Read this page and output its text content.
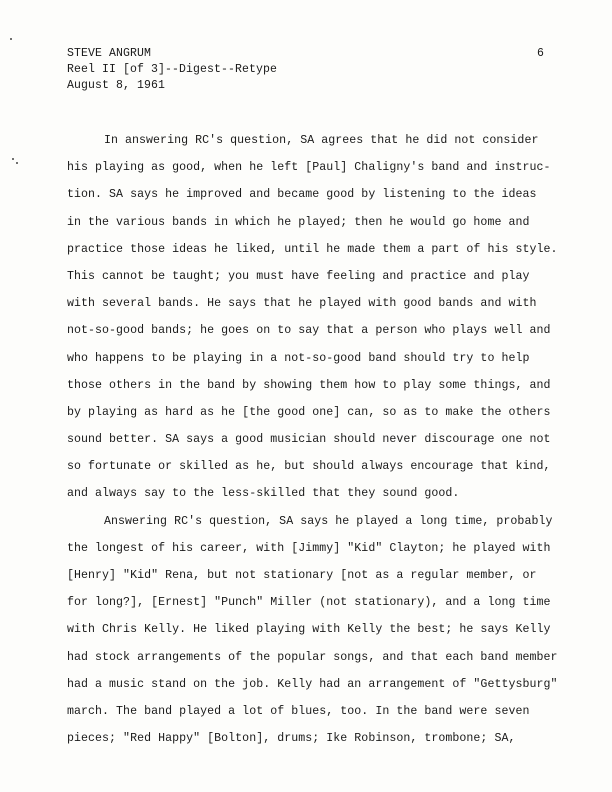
STEVE ANGRUM
Reel II [of 3]--Digest--Retype
August 8, 1961
6
In answering RC's question, SA agrees that he did not consider
his playing as good, when he left [Paul] Chaligny's band and instruc-
tion. SA says he improved and became good by listening to the ideas
in the various bands in which he played; then he would go home and
practice those ideas he liked, until he made them a part of his style.
This cannot be taught; you must have feeling and practice and play
with several bands. He says that he played with good bands and with
not-so-good bands; he goes on to say that a person who plays well and
who happens to be playing in a not-so-good band should try to help
those others in the band by showing them how to play some things, and
by playing as hard as he [the good one] can, so as to make the others
sound better. SA says a good musician should never discourage one not
so fortunate or skilled as he, but should always encourage that kind,
and always say to the less-skilled that they sound good.
Answering RC's question, SA says he played a long time, probably
the longest of his career, with [Jimmy] "Kid" Clayton; he played with
[Henry] "Kid" Rena, but not stationary [not as a regular member, or
for long?], [Ernest] "Punch" Miller (not stationary), and a long time
with Chris Kelly. He liked playing with Kelly the best; he says Kelly
had stock arrangements of the popular songs, and that each band member
had a music stand on the job. Kelly had an arrangement of "Gettysburg"
march. The band played a lot of blues, too. In the band were seven
pieces; "Red Happy" [Bolton], drums; Ike Robinson, trombone; SA,
